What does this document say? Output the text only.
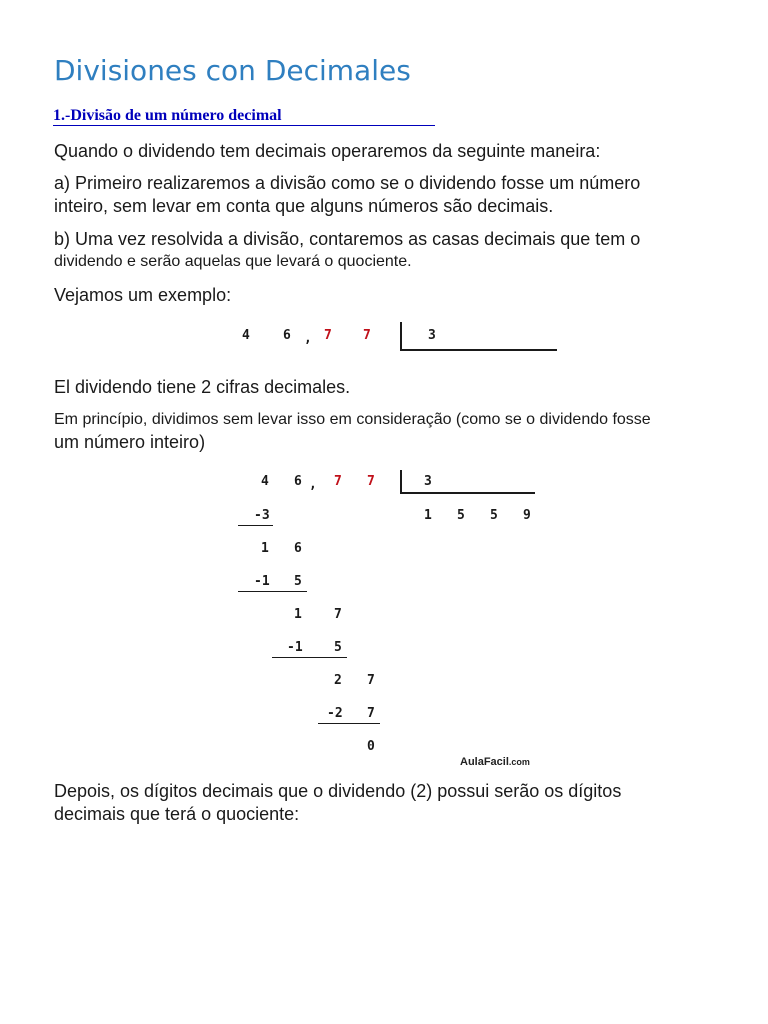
Divisiones con Decimales
1.-Divisão de um número decimal
Quando o dividendo tem decimais operaremos da seguinte maneira:
a) Primeiro realizaremos a divisão como se o dividendo fosse um número
inteiro, sem levar em conta que alguns números são decimais.
b) Uma vez resolvida a divisão, contaremos as casas decimais que tem o
dividendo e serão aquelas que levará o quociente.
Vejamos um exemplo:
4	6 , 7 7	3
El dividendo tiene 2 cifras decimales.
Em princípio, dividimos sem levar isso em consideração (como se o dividendo fosse
um número inteiro)
4 6 , 7 7	3
1 5 5 9
-3
1 6
-1 5
1 7
-1 5
2 7
-2 7
0
AulaFacil.com
Depois, os dígitos decimais que o dividendo (2) possui serão os dígitos
decimais que terá o quociente:
